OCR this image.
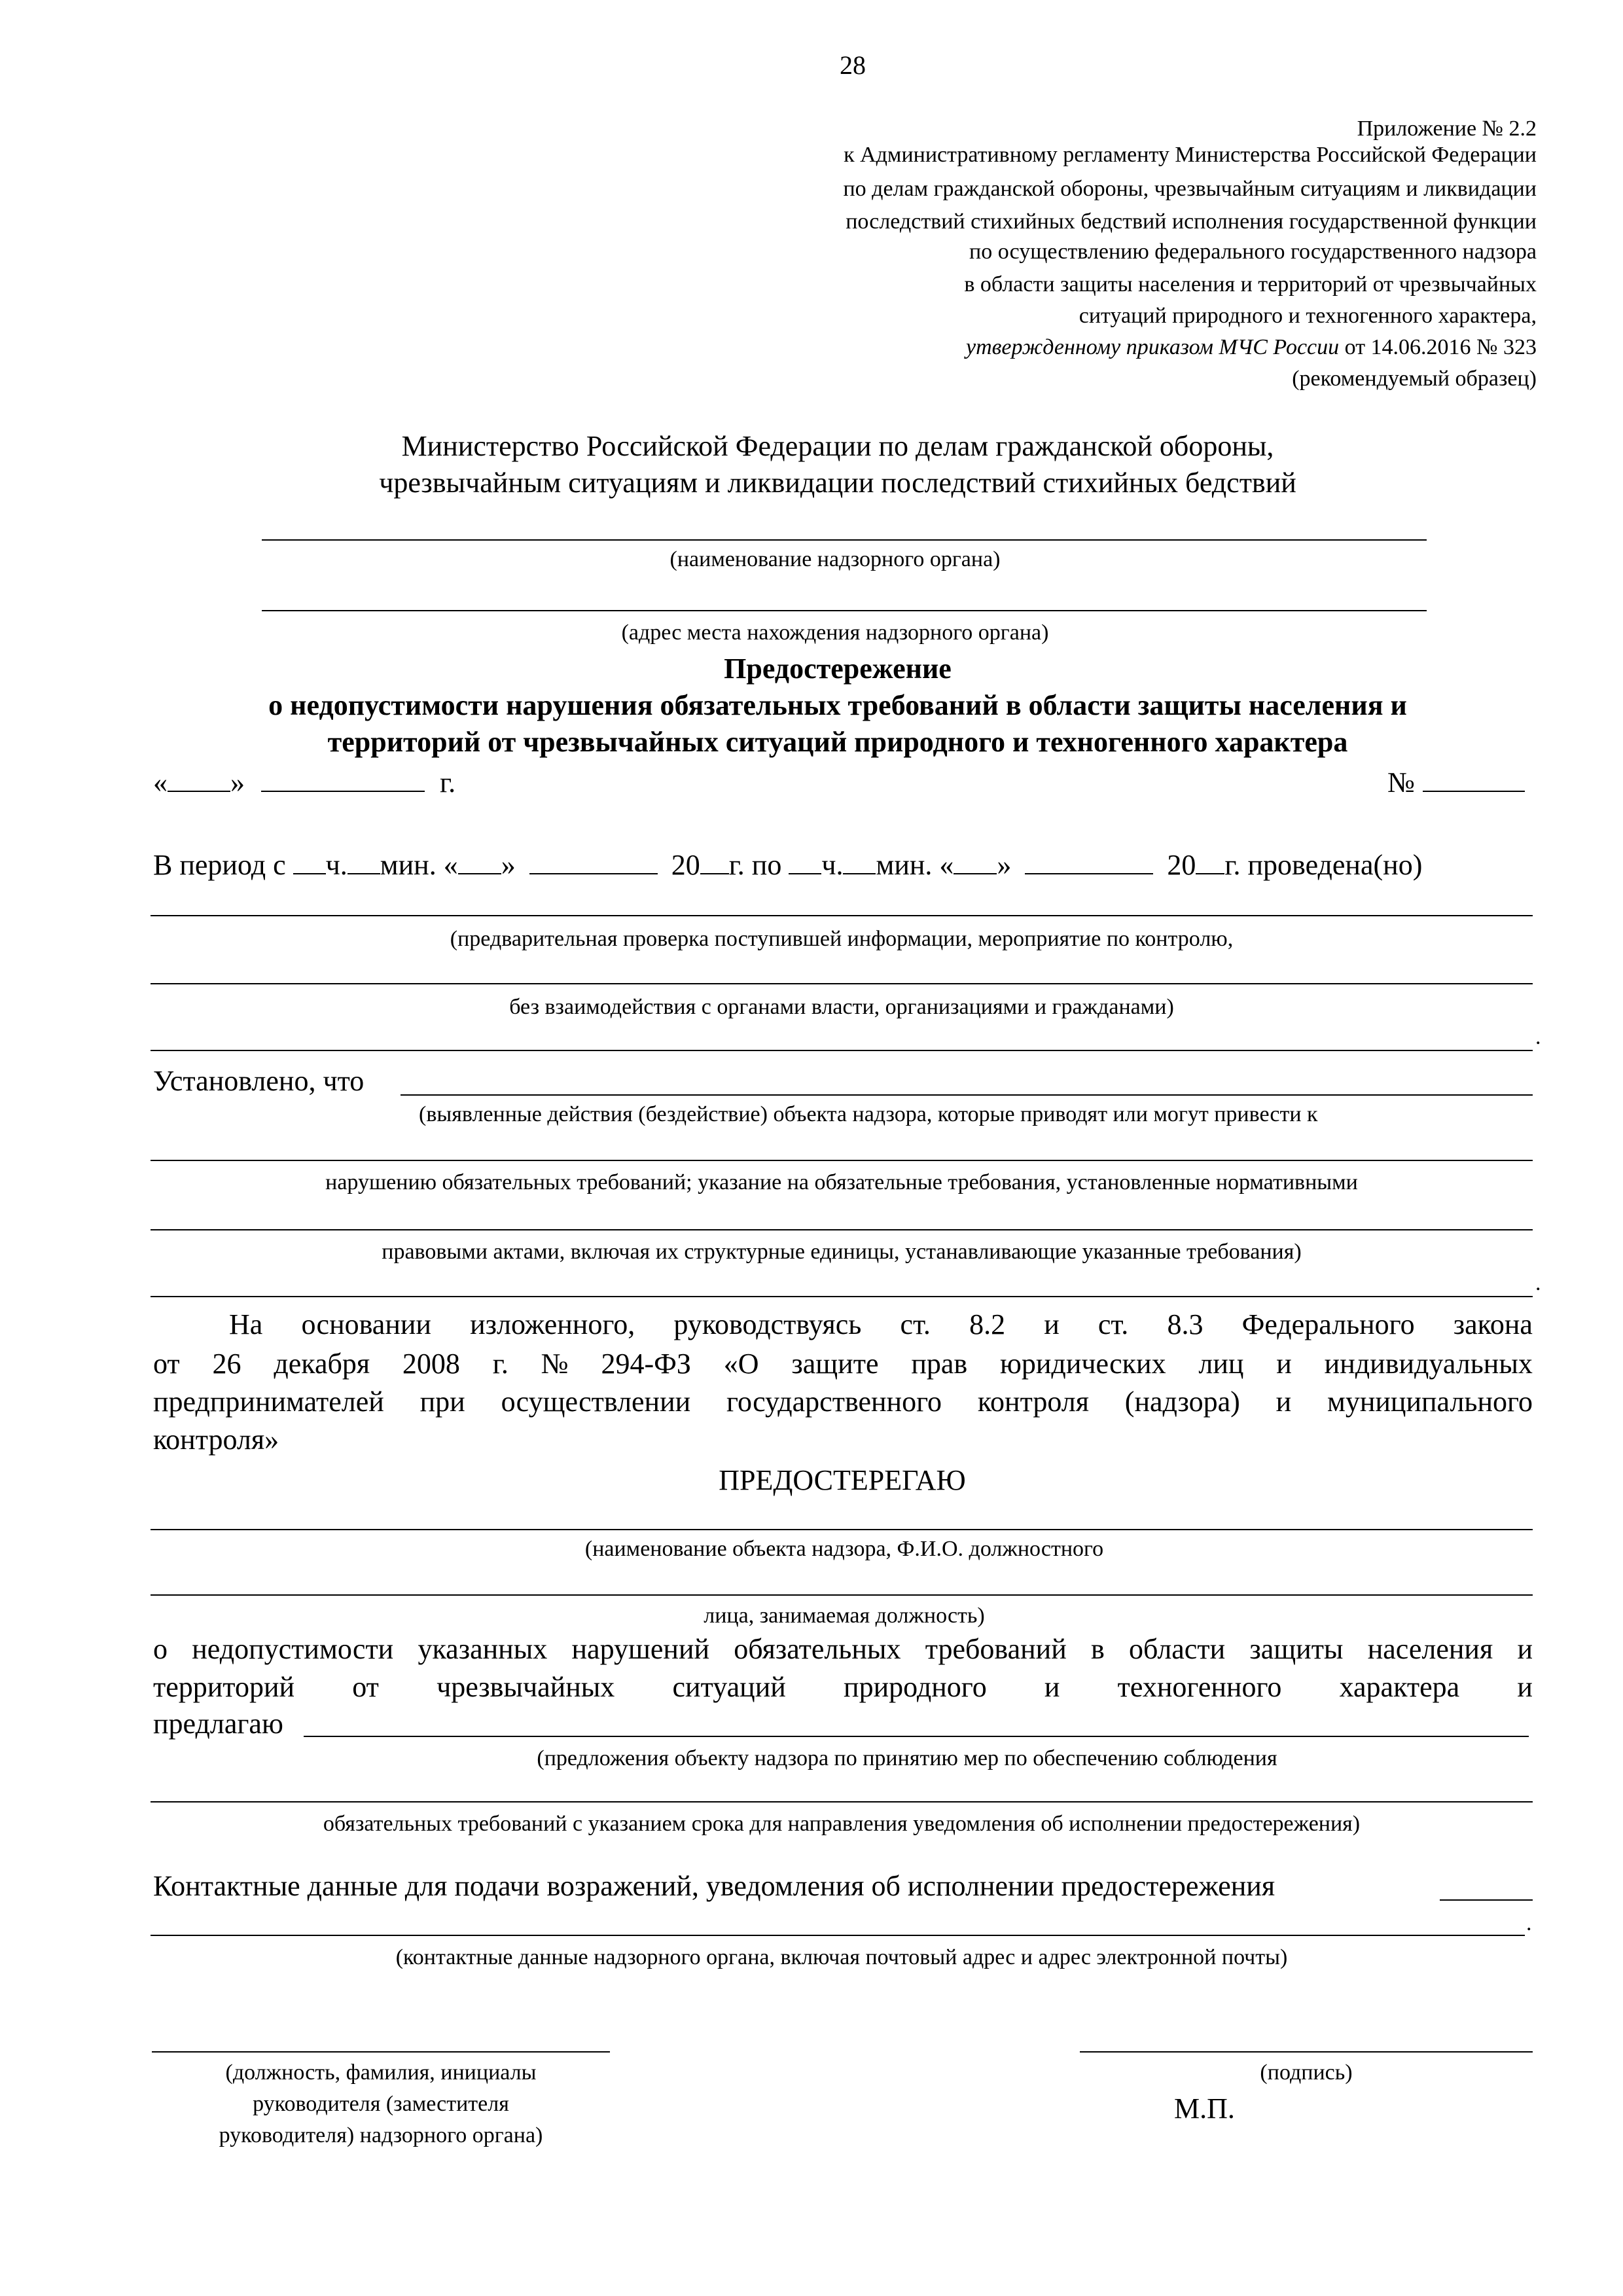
28
Приложение № 2.2
к Административному регламенту Министерства Российской Федерации
по делам гражданской обороны, чрезвычайным ситуациям и ликвидации
последствий стихийных бедствий исполнения государственной функции
по осуществлению федерального государственного надзора
в области защиты населения и территорий от чрезвычайных
ситуаций природного и техногенного характера,
утвержденному приказом МЧС России от 14.06.2016 № 323
(рекомендуемый образец)
Министерство Российской Федерации по делам гражданской обороны,
чрезвычайным ситуациям и ликвидации последствий стихийных бедствий
(наименование надзорного органа)
(адрес места нахождения надзорного органа)
Предостережение
о недопустимости нарушения обязательных требований в области защиты населения и
территорий от чрезвычайных ситуаций природного и техногенного характера
« »	г.	№
В период с ч. мин. « »	20 г. по ч. мин. « »	20 г. проведена(но)
(предварительная проверка поступившей информации, мероприятие по контролю,
без взаимодействия с органами власти, организациями и гражданами)
.
Установлено, что
(выявленные действия (бездействие) объекта надзора, которые приводят или могут привести к
нарушению обязательных требований; указание на обязательные требования, установленные нормативными
правовыми актами, включая их структурные единицы, устанавливающие указанные требования)
.
На основании изложенного, руководствуясь ст. 8.2 и ст. 8.3 Федерального закона
от 26 декабря 2008 г. № 294-ФЗ «О защите прав юридических лиц и индивидуальных
предпринимателей при осуществлении государственного контроля (надзора) и муниципального
контроля»
ПРЕДОСТЕРЕГАЮ
(наименование объекта надзора, Ф.И.О. должностного
лица, занимаемая должность)
о недопустимости указанных нарушений обязательных требований в области защиты населения и
территорий от чрезвычайных ситуаций природного и техногенного характера и
предлагаю
(предложения объекту надзора по принятию мер по обеспечению соблюдения
обязательных требований с указанием срока для направления уведомления об исполнении предостережения)
Контактные данные для подачи возражений, уведомления об исполнении предостережения
.
(контактные данные надзорного органа, включая почтовый адрес и адрес электронной почты)
(должность, фамилия, инициалы
руководителя (заместителя
руководителя) надзорного органа)
(подпись)
М.П.
